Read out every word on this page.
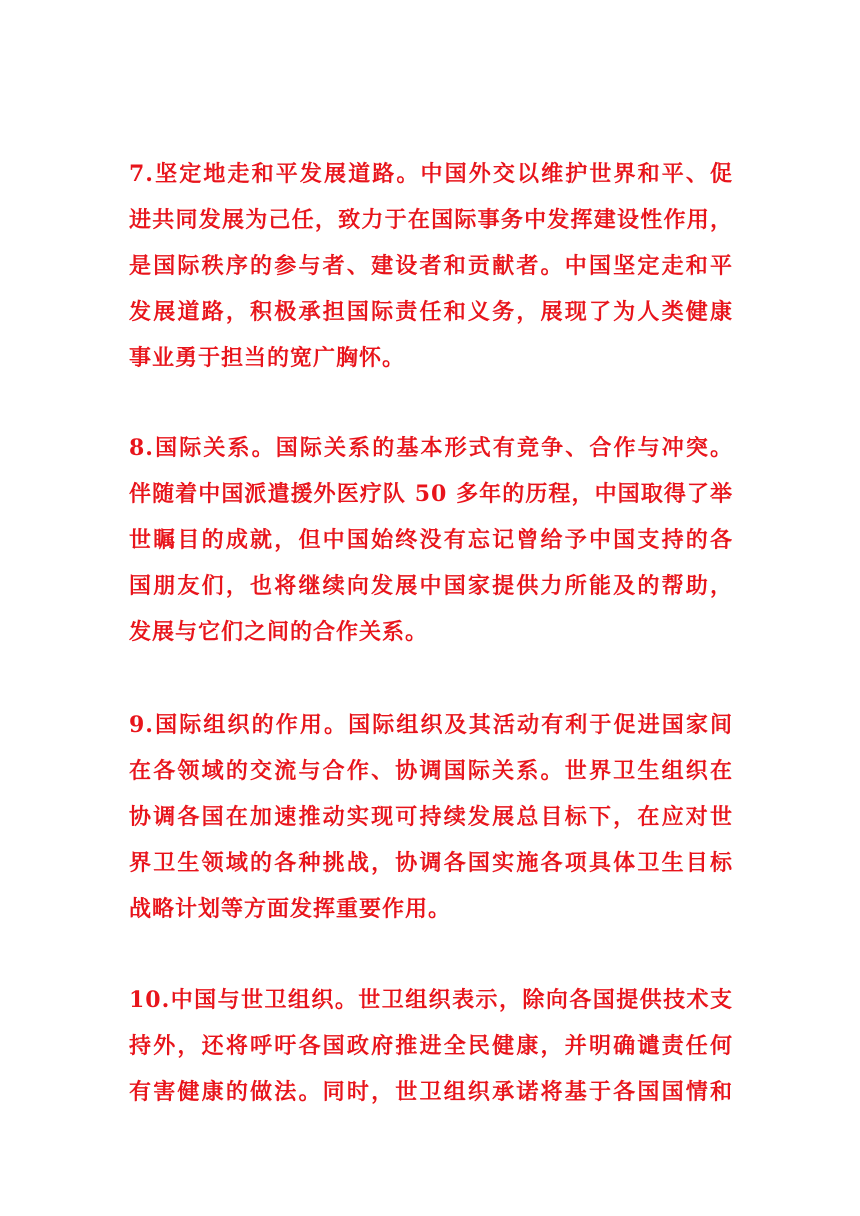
7.坚定地走和平发展道路。中国外交以维护世界和平、促
进共同发展为己任，致力于在国际事务中发挥建设性作用，
是国际秩序的参与者、建设者和贡献者。中国坚定走和平
发展道路，积极承担国际责任和义务，展现了为人类健康
事业勇于担当的宽广胸怀。

8.国际关系。国际关系的基本形式有竞争、合作与冲突。
伴随着中国派遣援外医疗队 50 多年的历程，中国取得了举
世瞩目的成就，但中国始终没有忘记曾给予中国支持的各
国朋友们，也将继续向发展中国家提供力所能及的帮助，
发展与它们之间的合作关系。

9.国际组织的作用。国际组织及其活动有利于促进国家间
在各领域的交流与合作、协调国际关系。世界卫生组织在
协调各国在加速推动实现可持续发展总目标下，在应对世
界卫生领域的各种挑战，协调各国实施各项具体卫生目标
战略计划等方面发挥重要作用。

10.中国与世卫组织。世卫组织表示，除向各国提供技术支
持外，还将呼吁各国政府推进全民健康，并明确谴责任何
有害健康的做法。同时，世卫组织承诺将基于各国国情和
